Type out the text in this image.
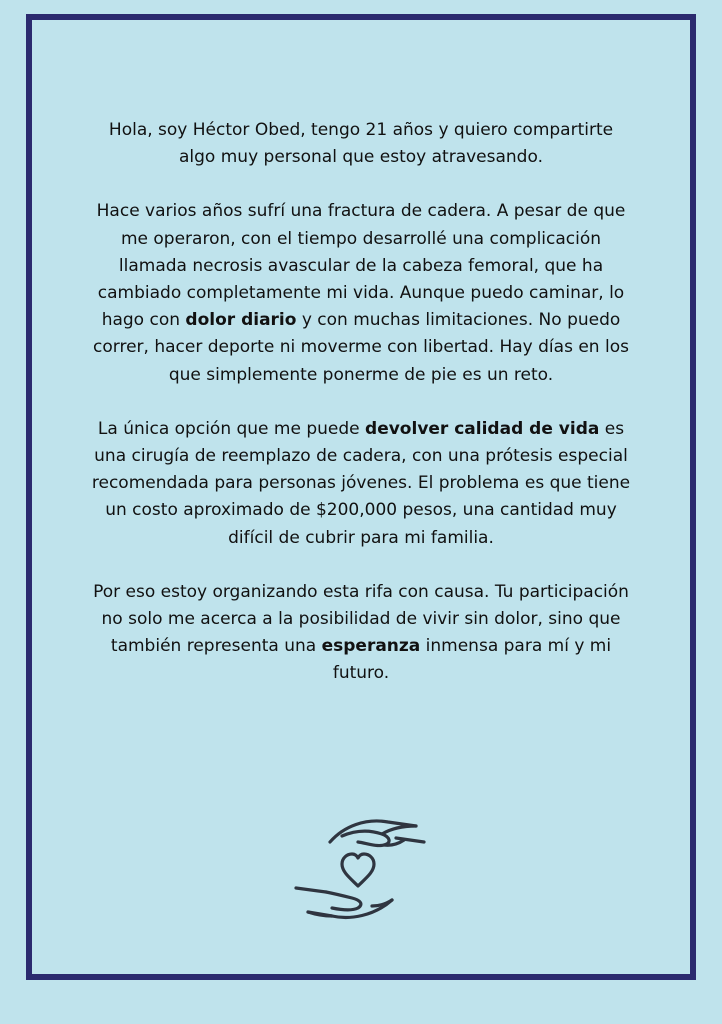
Hola, soy Héctor Obed, tengo 21 años y quiero compartirte algo muy personal que estoy atravesando.

Hace varios años sufrí una fractura de cadera. A pesar de que me operaron, con el tiempo desarrollé una complicación llamada necrosis avascular de la cabeza femoral, que ha cambiado completamente mi vida. Aunque puedo caminar, lo hago con dolor diario y con muchas limitaciones. No puedo correr, hacer deporte ni moverme con libertad. Hay días en los que simplemente ponerme de pie es un reto.

La única opción que me puede devolver calidad de vida es una cirugía de reemplazo de cadera, con una prótesis especial recomendada para personas jóvenes. El problema es que tiene un costo aproximado de $200,000 pesos, una cantidad muy difícil de cubrir para mi familia.

Por eso estoy organizando esta rifa con causa. Tu participación no solo me acerca a la posibilidad de vivir sin dolor, sino que también representa una esperanza inmensa para mí y mi futuro.
